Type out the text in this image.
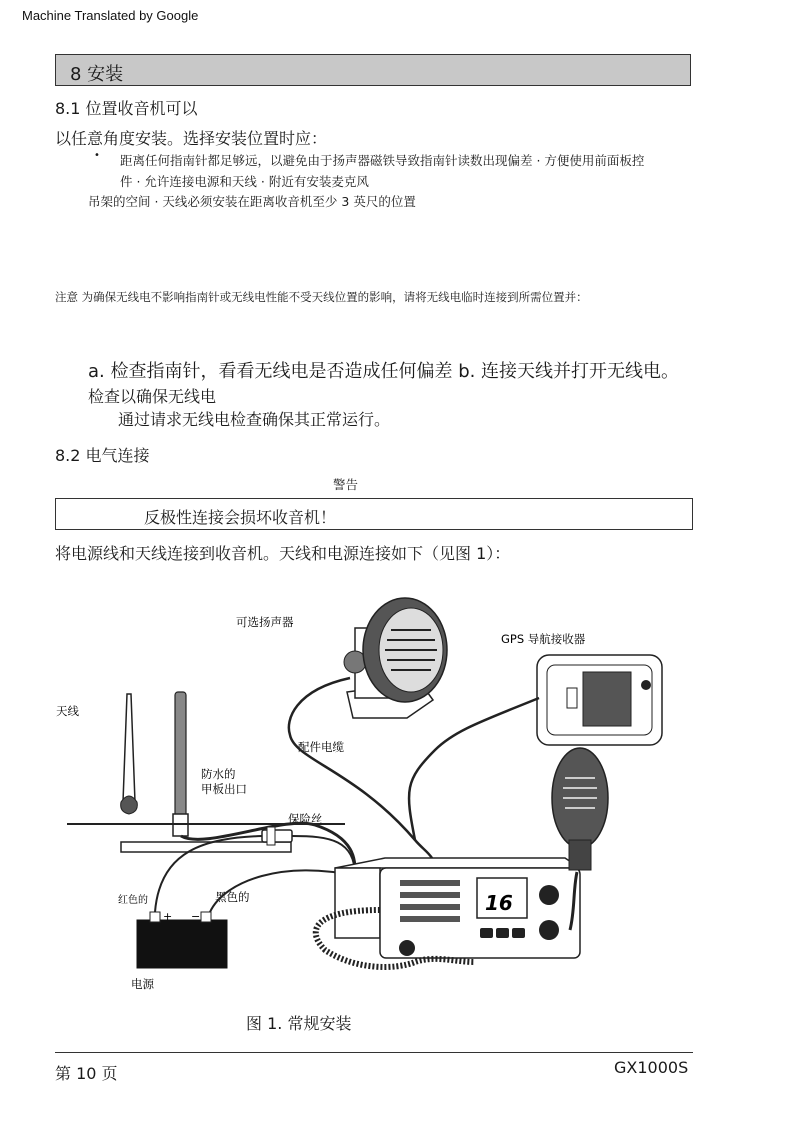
Machine Translated by Google
8 安装
8.1 位置收音机可以
以任意角度安装。选择安装位置时应：
• 距离任何指南针都足够远，以避免由于扬声器磁铁导致指南针读数出现偏差 · 方便使用前面板控
件 · 允许连接电源和天线 · 附近有安装麦克风
吊架的空间 · 天线必须安装在距离收音机至少 3 英尺的位置
注意 为确保无线电不影响指南针或无线电性能不受天线位置的影响，请将无线电临时连接到所需位置并：
a. 检查指南针，看看无线电是否造成任何偏差 b. 连接天线并打开无线电。
检查以确保无线电
通过请求无线电检查确保其正常运行。
8.2 电气连接
警告
反极性连接会损坏收音机！
将电源线和天线连接到收音机。天线和电源连接如下（见图 1）：
可选扬声器
GPS 导航接收器
天线
配件电缆
防水的
甲板出口
保险丝
红色的	黑色的
电源
+ −
16
图 1. 常规安装
第 10 页	GX1000S
